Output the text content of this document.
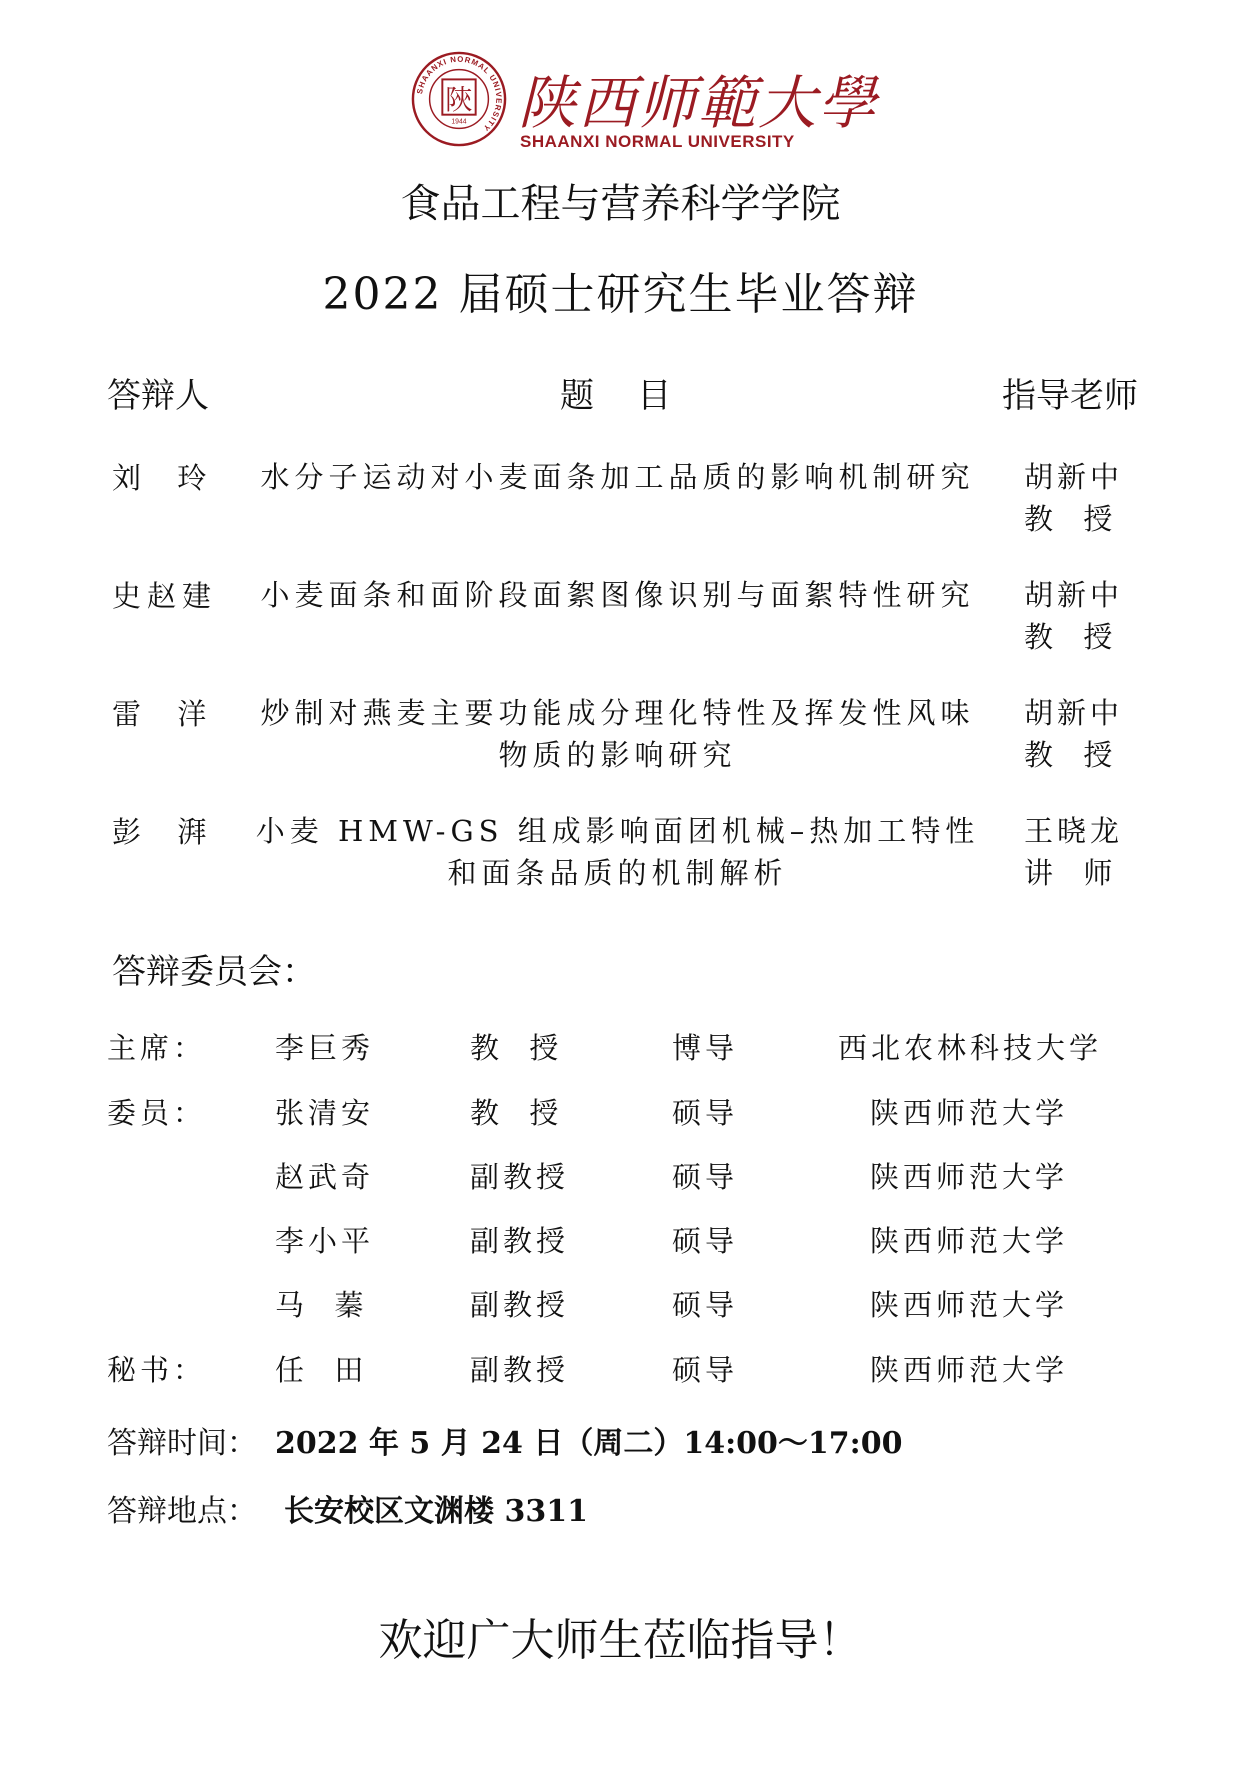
SHAANXI NORMAL UNIVERSITY
陝
1944 陕西师範大學
SHAANXI NORMAL UNIVERSITY
食品工程与营养科学学院
2022 届硕士研究生毕业答辩
答辩人	题    目	指导老师
刘  玲 水分子运动对小麦面条加工品质的影响机制研究 胡新中
教  授
史赵建 小麦面条和面阶段面絮图像识别与面絮特性研究 胡新中
教  授
雷  洋 炒制对燕麦主要功能成分理化特性及挥发性风味物质的影响研究
胡新中
教  授
彭  湃 小麦 HMW-GS 组成影响面团机械–热加工特性和面条品质的机制解析
王晓龙
讲  师
答辩委员会：
主席： 李巨秀	教  授	博导	西北农林科技大学
委员： 张清安	教  授	硕导	陕西师范大学
赵武奇	副教授	硕导	陕西师范大学
李小平	副教授	硕导	陕西师范大学
马  蓁	副教授	硕导	陕西师范大学
秘书： 任  田	副教授	硕导	陕西师范大学
答辩时间： 2022 年 5 月 24 日（周二）14:00～17:00
答辩地点： 长安校区文渊楼 3311
欢迎广大师生莅临指导！
